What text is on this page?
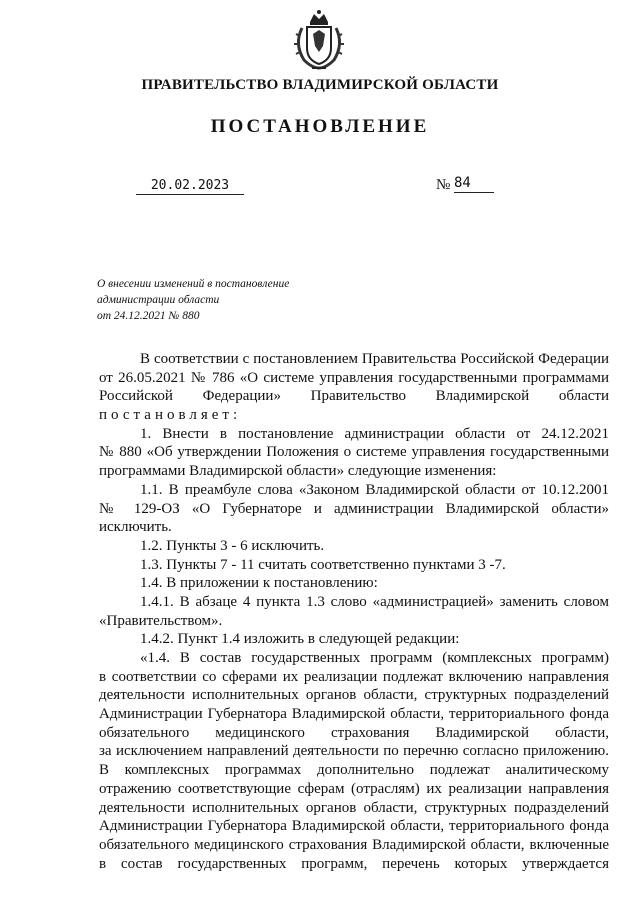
ПРАВИТЕЛЬСТВО ВЛАДИМИРСКОЙ ОБЛАСТИ
ПОСТАНОВЛЕНИЕ
20.02.2023	№ 84
О внесении изменений в постановление
администрации области
от 24.12.2021 № 880
В соответствии с постановлением Правительства Российской Федерации
от 26.05.2021 № 786 «О системе управления государственными программами
Российской Федерации» Правительство Владимирской области
постановляет:
1. Внести в постановление администрации области от 24.12.2021
№ 880 «Об утверждении Положения о системе управления государственными
программами Владимирской области» следующие изменения:
1.1. В преамбуле слова «Законом Владимирской области от 10.12.2001
№ 129-ОЗ «О Губернаторе и администрации Владимирской области»
исключить.
1.2. Пункты 3 - 6 исключить.
1.3. Пункты 7 - 11 считать соответственно пунктами 3 -7.
1.4. В приложении к постановлению:
1.4.1. В абзаце 4 пункта 1.3 слово «администрацией» заменить словом
«Правительством».
1.4.2. Пункт 1.4 изложить в следующей редакции:
«1.4. В состав государственных программ (комплексных программ)
в соответствии со сферами их реализации подлежат включению направления
деятельности исполнительных органов области, структурных подразделений
Администрации Губернатора Владимирской области, территориального фонда
обязательного медицинского страхования Владимирской области,
за исключением направлений деятельности по перечню согласно приложению.
В комплексных программах дополнительно подлежат аналитическому
отражению соответствующие сферам (отраслям) их реализации направления
деятельности исполнительных органов области, структурных подразделений
Администрации Губернатора Владимирской области, территориального фонда
обязательного медицинского страхования Владимирской области, включенные
в состав государственных программ, перечень которых утверждается
